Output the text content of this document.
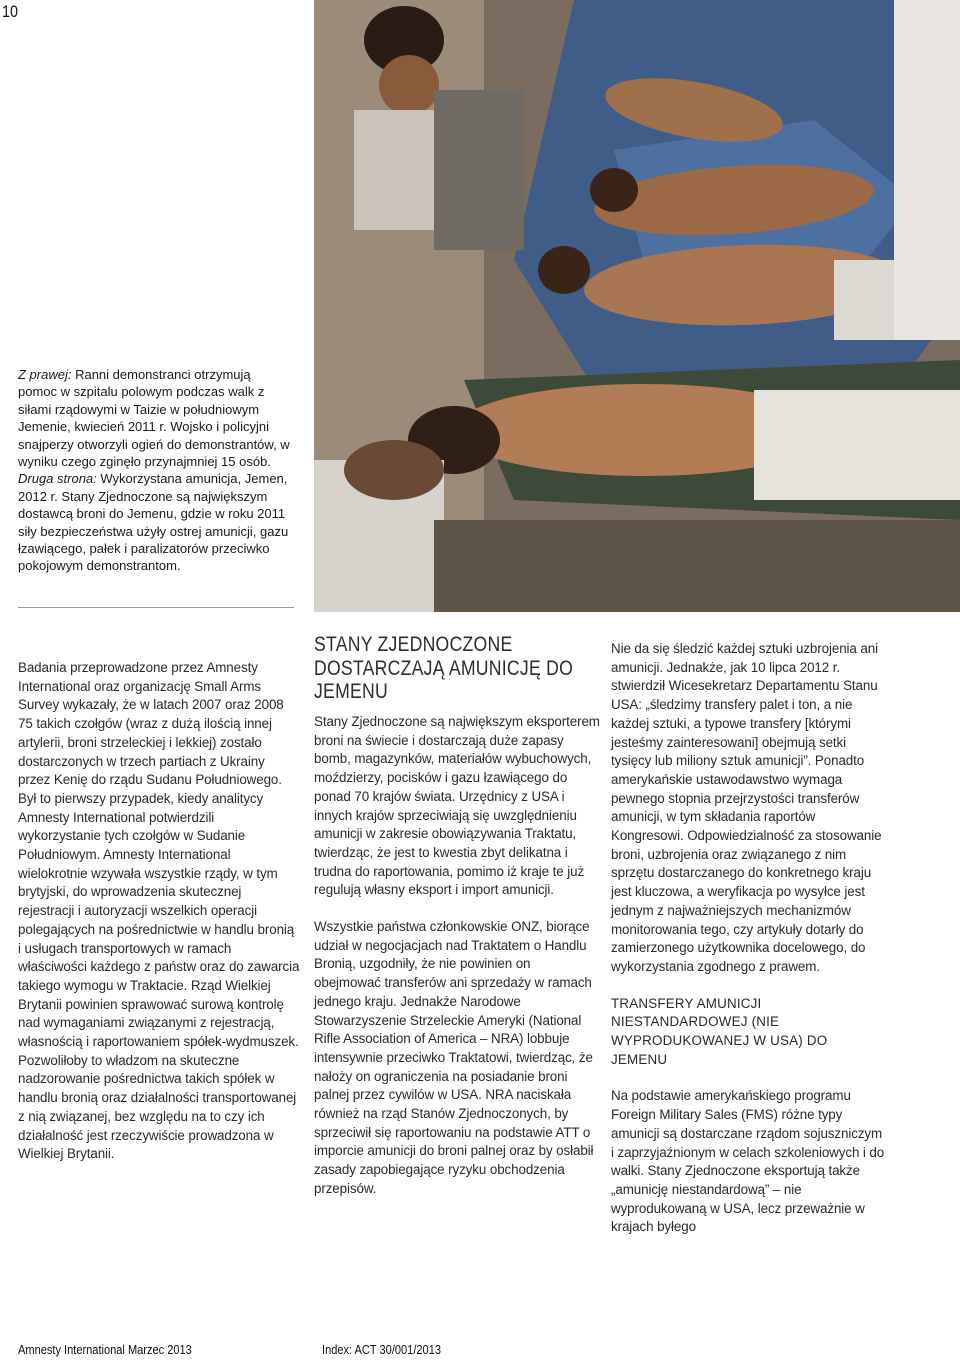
10
Z prawej: Ranni demonstranci otrzymują pomoc w szpitalu polowym podczas walk z siłami rządowymi w Taizie w południowym Jemenie, kwiecień 2011 r. Wojsko i policyjni snajperzy otworzyli ogień do demonstrantów, w wyniku czego zginęło przynajmniej 15 osób. Druga strona: Wykorzystana amunicja, Jemen, 2012 r. Stany Zjednoczone są największym dostawcą broni do Jemenu, gdzie w roku 2011 siły bezpieczeństwa użyły ostrej amunicji, gazu łzawiącego, pałek i paralizatorów przeciwko pokojowym demonstrantom.

Badania przeprowadzone przez Amnesty International oraz organizację Small Arms Survey wykazały, że w latach 2007 oraz 2008 75 takich czołgów (wraz z dużą ilością innej artylerii, broni strzeleckiej i lekkiej) zostało dostarczonych w trzech partiach z Ukrainy przez Kenię do rządu Sudanu Południowego. Był to pierwszy przypadek, kiedy analitycy Amnesty International potwierdzili wykorzystanie tych czołgów w Sudanie Południowym. Amnesty International wielokrotnie wzywała wszystkie rządy, w tym brytyjski, do wprowadzenia skutecznej rejestracji i autoryzacji wszelkich operacji polegających na pośrednictwie w handlu bronią i usługach transportowych w ramach właściwości każdego z państw oraz do zawarcia takiego wymogu w Traktacie. Rząd Wielkiej Brytanii powinien sprawować surową kontrolę nad wymaganiami związanymi z rejestracją, własnością i raportowaniem spółek-wydmuszek. Pozwoliłoby to władzom na skuteczne nadzorowanie pośrednictwa takich spółek w handlu bronią oraz działalności transportowanej z nią związanej, bez względu na to czy ich działalność jest rzeczywiście prowadzona w Wielkiej Brytanii.

STANY ZJEDNOCZONE DOSTARCZAJĄ AMUNICJĘ DO JEMENU

Stany Zjednoczone są największym eksporterem broni na świecie i dostarczają duże zapasy bomb, magazynków, materiałów wybuchowych, moździerzy, pocisków i gazu łzawiącego do ponad 70 krajów świata. Urzędnicy z USA i innych krajów sprzeciwiają się uwzględnieniu amunicji w zakresie obowiązywania Traktatu, twierdząc, że jest to kwestia zbyt delikatna i trudna do raportowania, pomimo iż kraje te już regulują własny eksport i import amunicji.

Wszystkie państwa członkowskie ONZ, biorące udział w negocjacjach nad Traktatem o Handlu Bronią, uzgodniły, że nie powinien on obejmować transferów ani sprzedaży w ramach jednego kraju. Jednakże Narodowe Stowarzyszenie Strzeleckie Ameryki (National Rifle Association of America – NRA) lobbuje intensywnie przeciwko Traktatowi, twierdząc, że nałoży on ograniczenia na posiadanie broni palnej przez cywilów w USA. NRA naciskała również na rząd Stanów Zjednoczonych, by sprzeciwił się raportowaniu na podstawie ATT o imporcie amunicji do broni palnej oraz by osłabił zasady zapobiegające ryzyku obchodzenia przepisów.

Nie da się śledzić każdej sztuki uzbrojenia ani amunicji. Jednakże, jak 10 lipca 2012 r. stwierdził Wicesekretarz Departamentu Stanu USA: „śledzimy transfery palet i ton, a nie każdej sztuki, a typowe transfery [którymi jesteśmy zainteresowani] obejmują setki tysięcy lub miliony sztuk amunicji”. Ponadto amerykańskie ustawodawstwo wymaga pewnego stopnia przejrzystości transferów amunicji, w tym składania raportów Kongresowi. Odpowiedzialność za stosowanie broni, uzbrojenia oraz związanego z nim sprzętu dostarczanego do konkretnego kraju jest kluczowa, a weryfikacja po wysyłce jest jednym z najważniejszych mechanizmów monitorowania tego, czy artykuły dotarły do zamierzonego użytkownika docelowego, do wykorzystania zgodnego z prawem.

TRANSFERY AMUNICJI NIESTANDARDOWEJ (NIE WYPRODUKOWANEJ W USA) DO JEMENU

Na podstawie amerykańskiego programu Foreign Military Sales (FMS) różne typy amunicji są dostarczane rządom sojuszniczym i zaprzyjaźnionym w celach szkoleniowych i do walki. Stany Zjednoczone eksportują także „amunicję niestandardową” – nie wyprodukowaną w USA, lecz przeważnie w krajach byłego

Amnesty International Marzec 2013	Index: ACT 30/001/2013
